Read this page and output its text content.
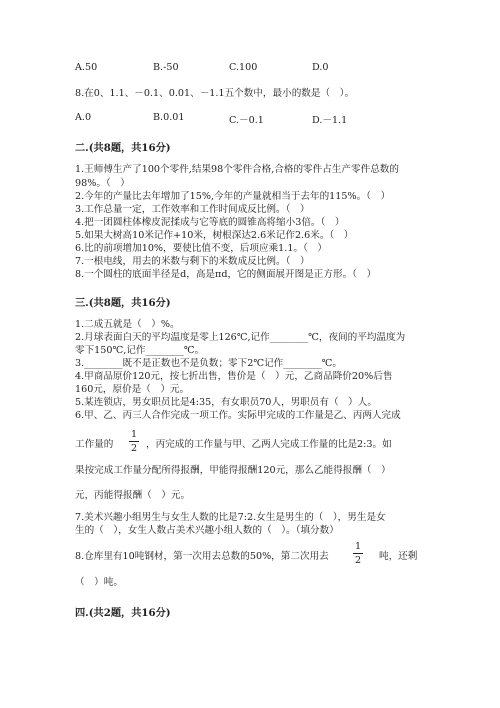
A.50	B.-50	C.100	D.0
8.在0、1.1、－0.1、0.01、－1.1五个数中，最小的数是（　）。
A.0	B.0.01	C.－0.1	D.－1.1
二.(共8题，共16分)
1.王师傅生产了100个零件,结果98个零件合格,合格的零件占生产零件总数的
98%。（　）
2.今年的产量比去年增加了15%,今年的产量就相当于去年的115%。（　）
3.工作总量一定，工作效率和工作时间成反比例。（　）
4.把一团圆柱体橡皮泥揉成与它等底的圆锥高将缩小3倍。（　）
5.如果大树高10米记作+10米，树根深达2.6米记作2.6米。（　）
6.比的前项增加10%，要使比值不变，后项应乘1.1。（　）
7.一根电线，用去的米数与剩下的米数成反比例。（　）
8.一个圆柱的底面半径是d，高是πd，它的侧面展开图是正方形。（　）
三.(共8题，共16分)
1.二成五就是（　）%。
2.月球表面白天的平均温度是零上126℃,记作________℃，夜间的平均温度为
零下150℃,记作________℃。
3.________既不是正数也不是负数；零下2℃记作________℃。
4.甲商品原价120元，按七折出售，售价是（　）元，乙商品降价20%后售
160元，原价是（　）元。
5.某连锁店，男女职员比是4:35，有女职员70人，男职员有（　）人。
6.甲、乙、丙三人合作完成一项工作。实际甲完成的工作量是乙、丙两人完成
工作量的
1
2 ，丙完成的工作量与甲、乙两人完成工作量的比是2:3。如
果按完成工作量分配所得报酬，甲能得报酬120元，那么乙能得报酬（　）
元，丙能得报酬（　）元。
7.美术兴趣小组男生与女生人数的比是7:2.女生是男生的（　），男生是女
生的（　），女生人数占美术兴趣小组人数的（　）。（填分数）
8.仓库里有10吨钢材，第一次用去总数的50%，第二次用去
1
2 吨，还剩
（　）吨。
四.(共2题，共16分)
